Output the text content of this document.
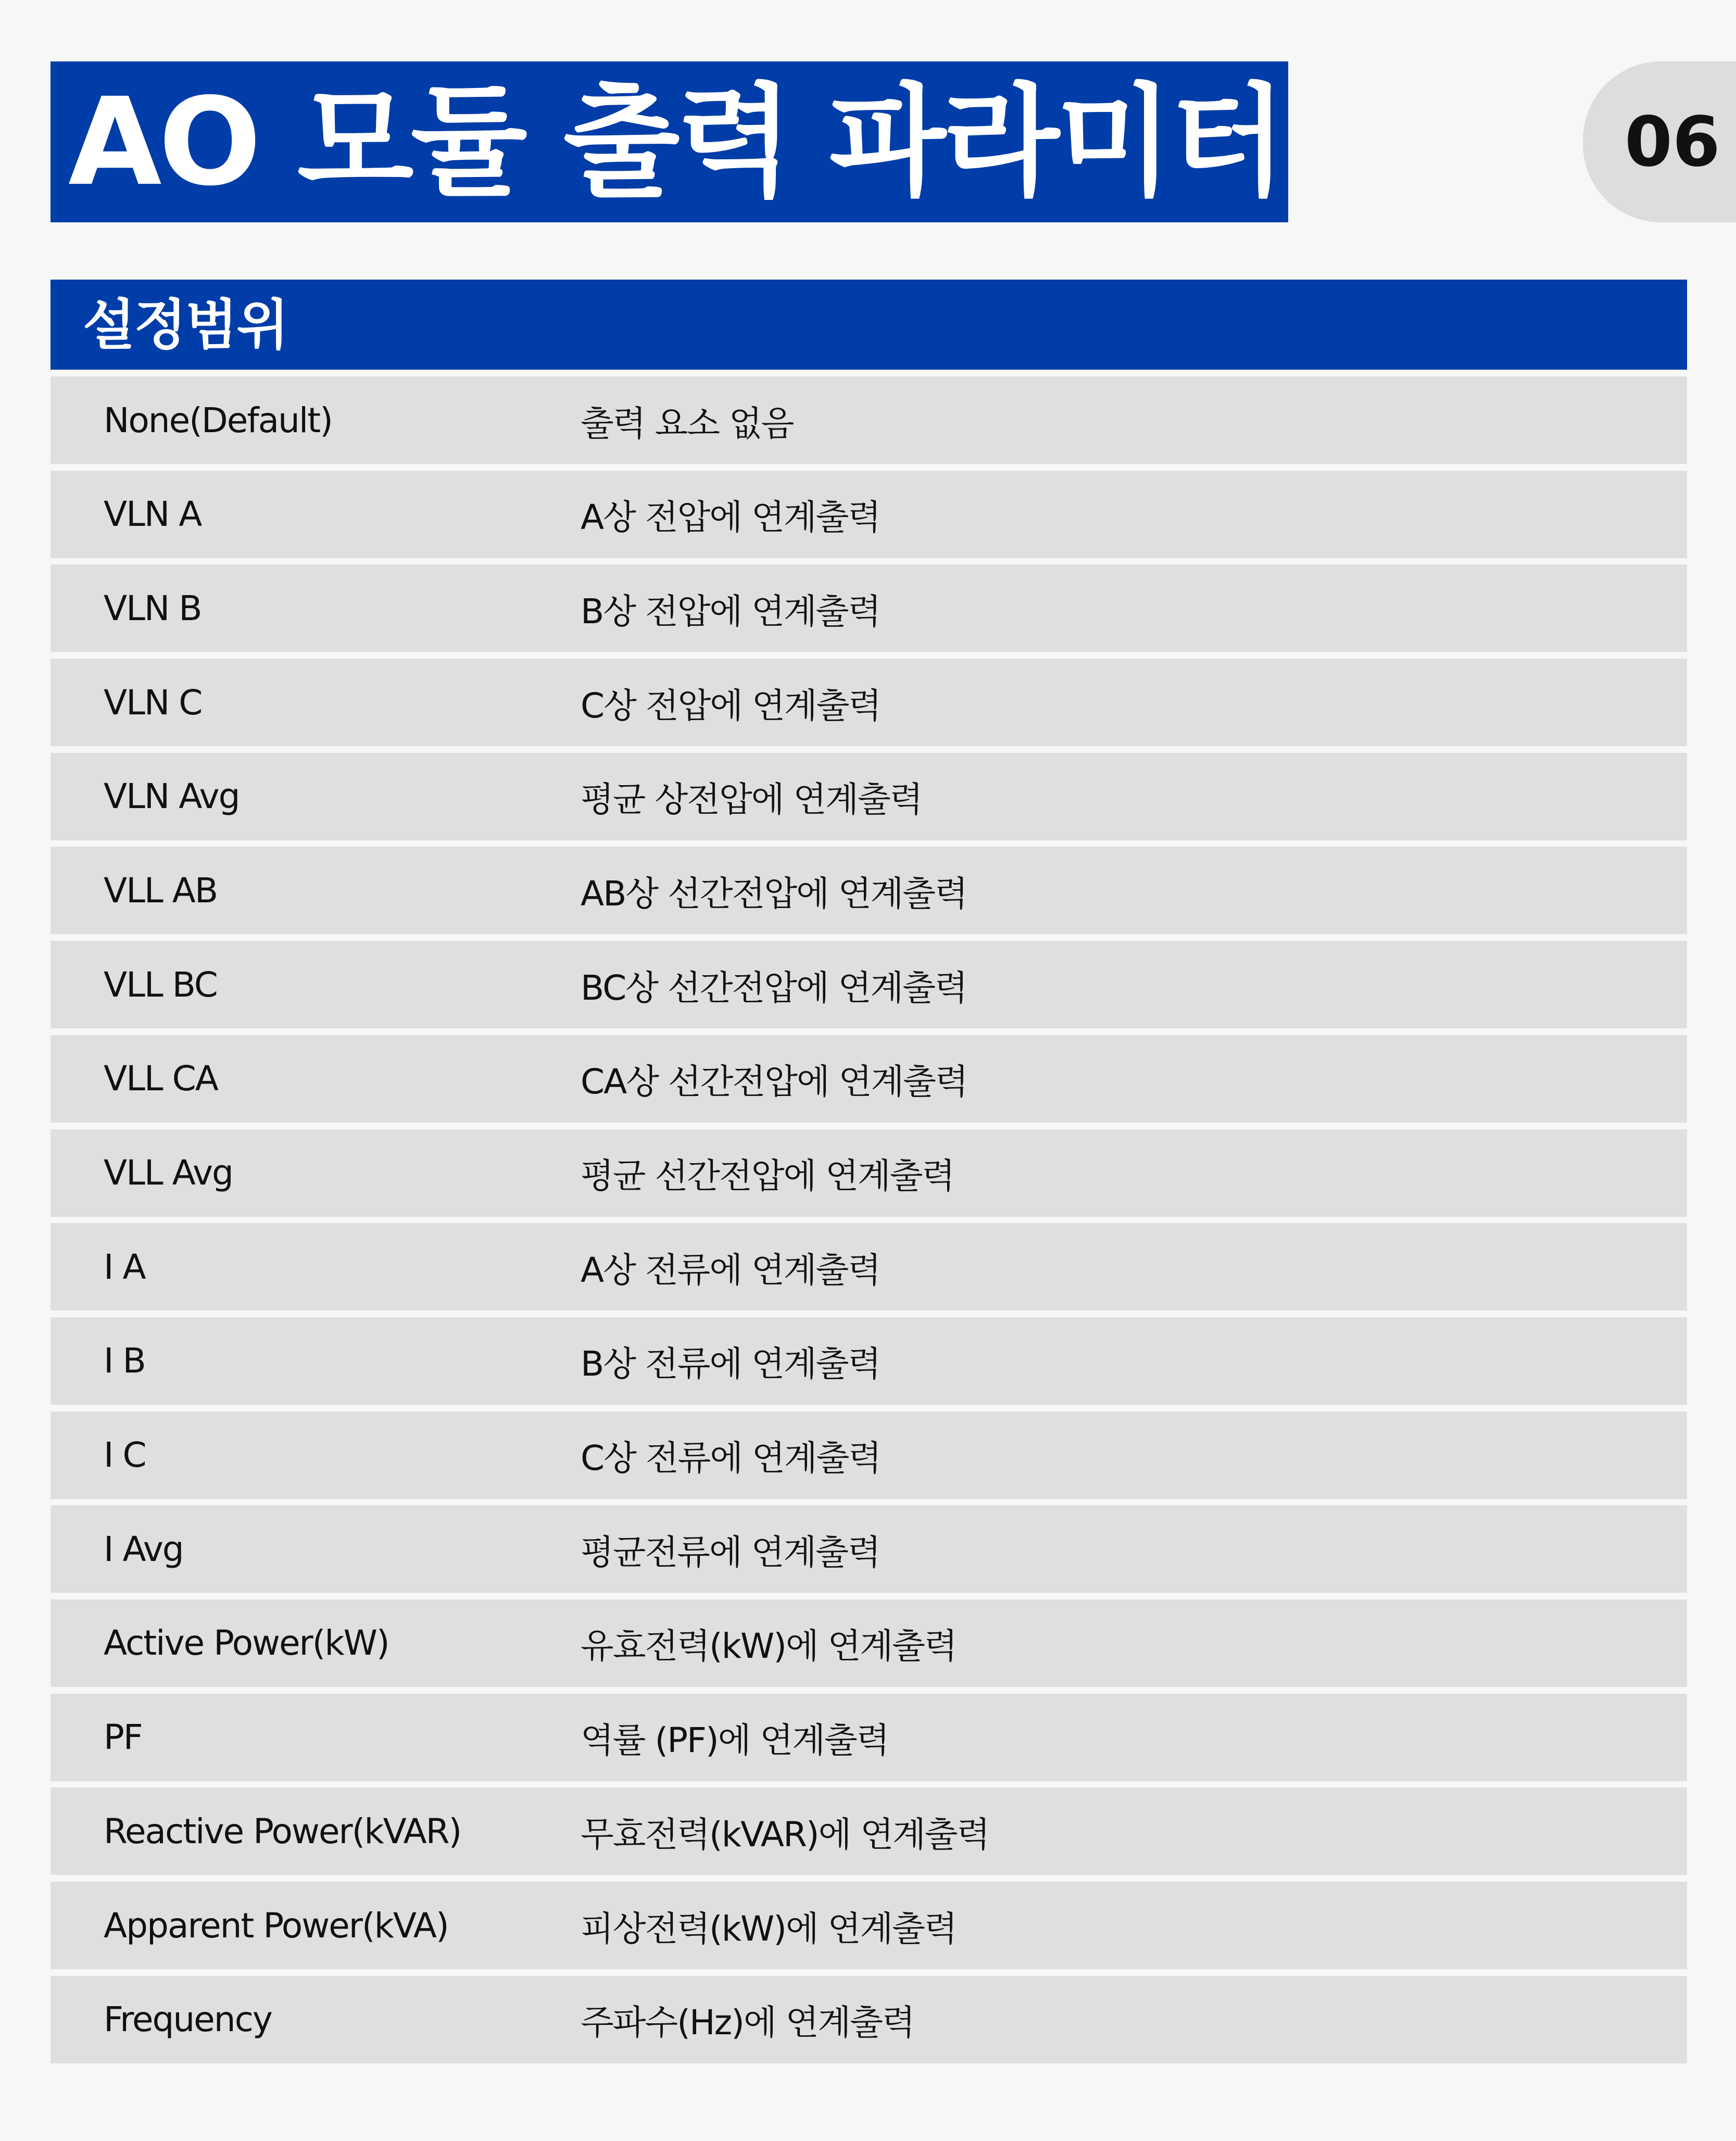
AO 모듈 출력 파라미터	06
설정범위
None(Default)	출력 요소 없음
VLN A	A상 전압에 연계출력
VLN B	B상 전압에 연계출력
VLN C	C상 전압에 연계출력
VLN Avg	평균 상전압에 연계출력
VLL AB	AB상 선간전압에 연계출력
VLL BC	BC상 선간전압에 연계출력
VLL CA	CA상 선간전압에 연계출력
VLL Avg	평균 선간전압에 연계출력
I A	A상 전류에 연계출력
I B	B상 전류에 연계출력
I C	C상 전류에 연계출력
I Avg	평균전류에 연계출력
Active Power(kW)	유효전력(kW)에 연계출력
PF	역률 (PF)에 연계출력
Reactive Power(kVAR)	무효전력(kVAR)에 연계출력
Apparent Power(kVA)	피상전력(kW)에 연계출력
Frequency	주파수(Hz)에 연계출력
